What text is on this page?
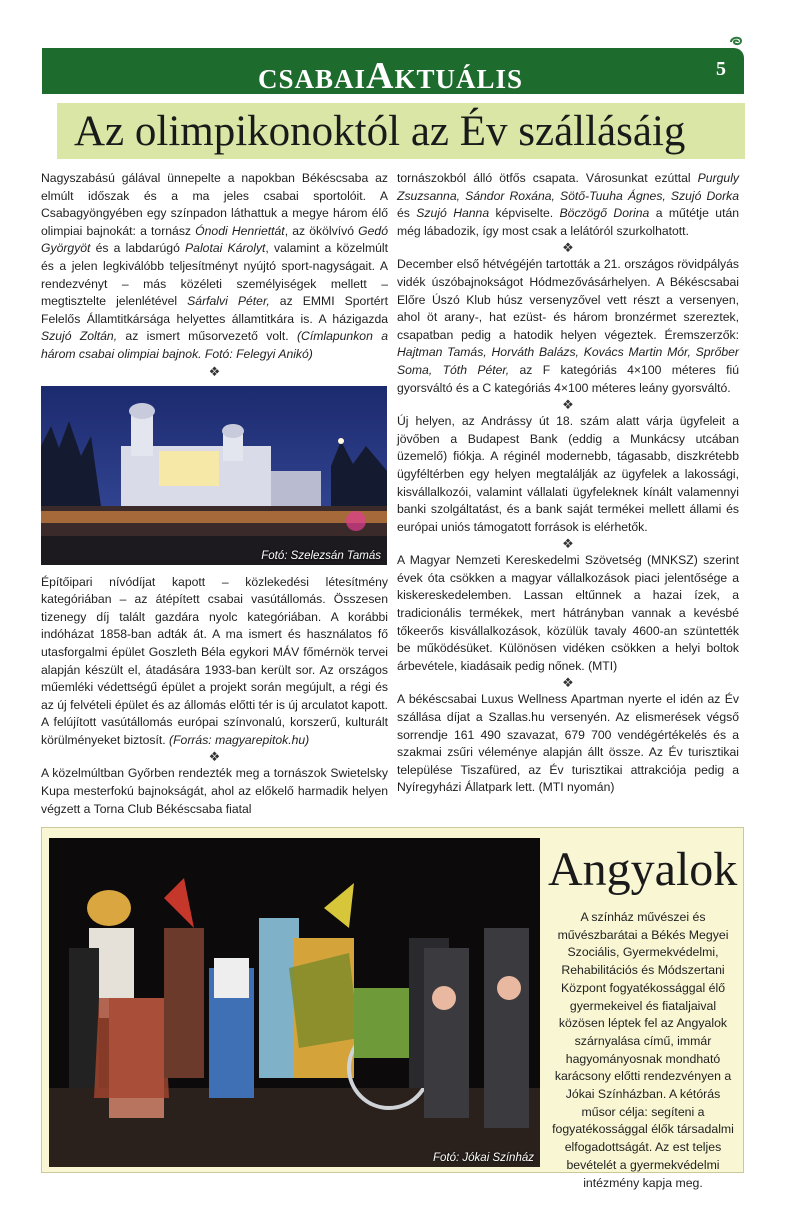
CSABAIAKTUÁLIS	5
Az olimpikonoktól az Év szállásáig

Nagyszabású gálával ünnepelte a napokban Békéscsaba az elmúlt időszak és a ma jeles csabai sportolóit. A Csabagyöngyében egy színpadon láthattuk a megye három élő olimpiai bajnokát: a tornász Ónodi Henriettát, az ökölvívó Gedó Györgyöt és a labdarúgó Palotai Károlyt, valamint a közelmúlt és a jelen legkiválóbb teljesítményt nyújtó sport-nagyságait. A rendezvényt – más közéleti személyiségek mellett – megtisztelte jelenlétével Sárfalvi Péter, az EMMI Sportért Felelős Államtitkársága helyettes államtitkára is. A házigazda Szujó Zoltán, az ismert műsorvezető volt. (Címlapunkon a három csabai olimpiai bajnok. Fotó: Felegyi Anikó)

❖

Építőipari nívódíjat kapott – közlekedési létesítmény kategóriában – az átépített csabai vasútállomás. Összesen tizenegy díj talált gazdára nyolc kategóriában. A korábbi indóházat 1858-ban adták át. A ma ismert és használatos fő utasforgalmi épület Goszleth Béla egykori MÁV főmérnök tervei alapján készült el, átadására 1933-ban került sor. Az országos műemléki védettségű épület a projekt során megújult, a régi és az új felvételi épület és az állomás előtti tér is új arculatot kapott. A felújított vasútállomás európai színvonalú, korszerű, kulturált körülményeket biztosít. (Forrás: magyarepitok.hu)

❖

A közelmúltban Győrben rendezték meg a tornászok Swietelsky Kupa mesterfokú bajnokságát, ahol az előkelő harmadik helyen végzett a Torna Club Békéscsaba fiatal

Fotó: Szelezsán Tamás

tornászokból álló ötfős csapata. Városunkat ezúttal Purguly Zsuzsanna, Sándor Roxána, Sötő-Tuuha Ágnes, Szujó Dorka és Szujó Hanna képviselte. Böczögő Dorina a műtétje után még lábadozik, így most csak a lelátóról szurkolhatott.

❖

December első hétvégéjén tartották a 21. országos rövidpályás vidék úszóbajnokságot Hódmezővásárhelyen. A Békéscsabai Előre Úszó Klub húsz versenyzővel vett részt a versenyen, ahol öt arany-, hat ezüst- és három bronzérmet szereztek, csapatban pedig a hatodik helyen végeztek. Éremszerzők: Hajtman Tamás, Horváth Balázs, Kovács Martin Mór, Sprőber Soma, Tóth Péter, az F kategóriás 4×100 méteres fiú gyorsváltó és a C kategóriás 4×100 méteres leány gyorsváltó.

❖

Új helyen, az Andrássy út 18. szám alatt várja ügyfeleit a jövőben a Budapest Bank (eddig a Munkácsy utcában üzemelő) fiókja. A réginél modernebb, tágasabb, diszkrétebb ügyféltérben egy helyen megtalálják az ügyfelek a lakossági, kisvállalkozói, valamint vállalati ügyfeleknek kínált valamennyi banki szolgáltatást, és a bank saját termékei mellett állami és európai uniós támogatott források is elérhetők.

❖

A Magyar Nemzeti Kereskedelmi Szövetség (MNKSZ) szerint évek óta csökken a magyar vállalkozások piaci jelentősége a kiskereskedelemben. Lassan eltűnnek a hazai ízek, a tradicionális termékek, mert hátrányban vannak a kevésbé tőkeerős kisvállalkozások, közülük tavaly 4600-an szüntették be működésüket. Különösen vidéken csökken a helyi boltok árbevétele, kiadásaik pedig nőnek. (MTI)

❖

A békéscsabai Luxus Wellness Apartman nyerte el idén az Év szállása díjat a Szallas.hu versenyén. Az elismerések végső sorrendje 161 490 szavazat, 679 700 vendégértékelés és a szakmai zsűri véleménye alapján állt össze. Az Év turisztikai települése Tiszafüred, az Év turisztikai attrakciója pedig a Nyíregyházi Állatpark lett. (MTI nyomán)

Fotó: Jókai Színház
Angyalok
A színház művészei és művészbarátai a Békés Megyei Szociális, Gyermekvédelmi, Rehabilitációs és Módszertani Központ fogyatékossággal élő gyermekeivel és fiataljaival közösen léptek fel az Angyalok szárnyalása című, immár hagyományosnak mondható karácsony előtti rendezvényen a Jókai Színházban. A kétórás műsor célja: segíteni a fogyatékossággal élők társadalmi elfogadottságát. Az est teljes bevételét a gyermekvédelmi intézmény kapja meg.
